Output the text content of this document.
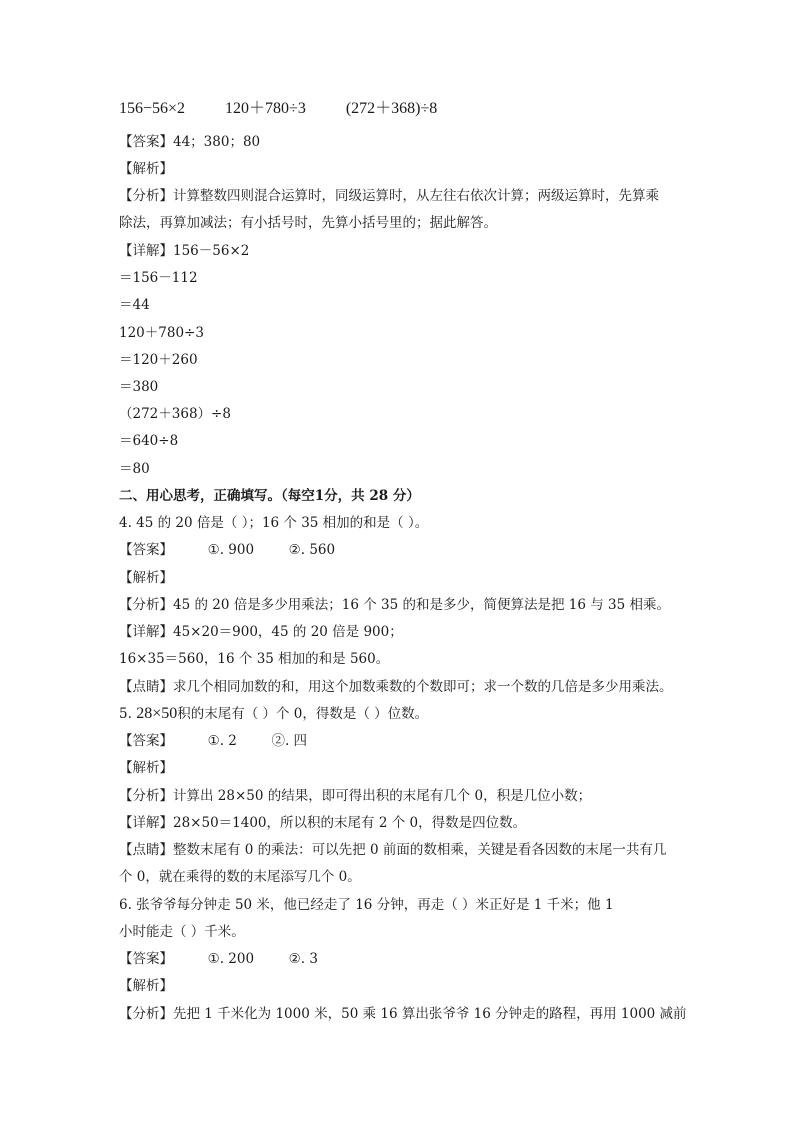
156−56×2	120＋780÷3	(272＋368)÷8
【答案】44；380；80
【解析】
【分析】计算整数四则混合运算时，同级运算时，从左往右依次计算；两级运算时，先算乘
除法，再算加减法；有小括号时，先算小括号里的；据此解答。
【详解】156－56×2
＝156－112
＝44
120＋780÷3
＝120＋260
＝380
（272＋368）÷8
＝640÷8
＝80
二、用心思考，正确填写。（每空1分，共 28 分）
4. 45 的 20 倍是（ ）；16 个 35 相加的和是（ ）。
【答案】	①. 900	②. 560
【解析】
【分析】45 的 20 倍是多少用乘法；16 个 35 的和是多少，简便算法是把 16 与 35 相乘。
【详解】45×20＝900，45 的 20 倍是 900；
16×35＝560，16 个 35 相加的和是 560。
【点睛】求几个相同加数的和，用这个加数乘数的个数即可；求一个数的几倍是多少用乘法。
5. 28×50积的末尾有（ ）个 0，得数是（ ）位数。
【答案】	①. 2	②. 四
【解析】
【分析】计算出 28×50 的结果，即可得出积的末尾有几个 0，积是几位小数；
【详解】28×50＝1400，所以积的末尾有 2 个 0，得数是四位数。
【点睛】整数末尾有 0 的乘法：可以先把 0 前面的数相乘，关键是看各因数的末尾一共有几
个 0，就在乘得的数的末尾添写几个 0。
6. 张爷爷每分钟走 50 米，他已经走了 16 分钟，再走（ ）米正好是 1 千米；他 1
小时能走（ ）千米。
【答案】	①. 200	②. 3
【解析】
【分析】先把 1 千米化为 1000 米，50 乘 16 算出张爷爷 16 分钟走的路程，再用 1000 减前
